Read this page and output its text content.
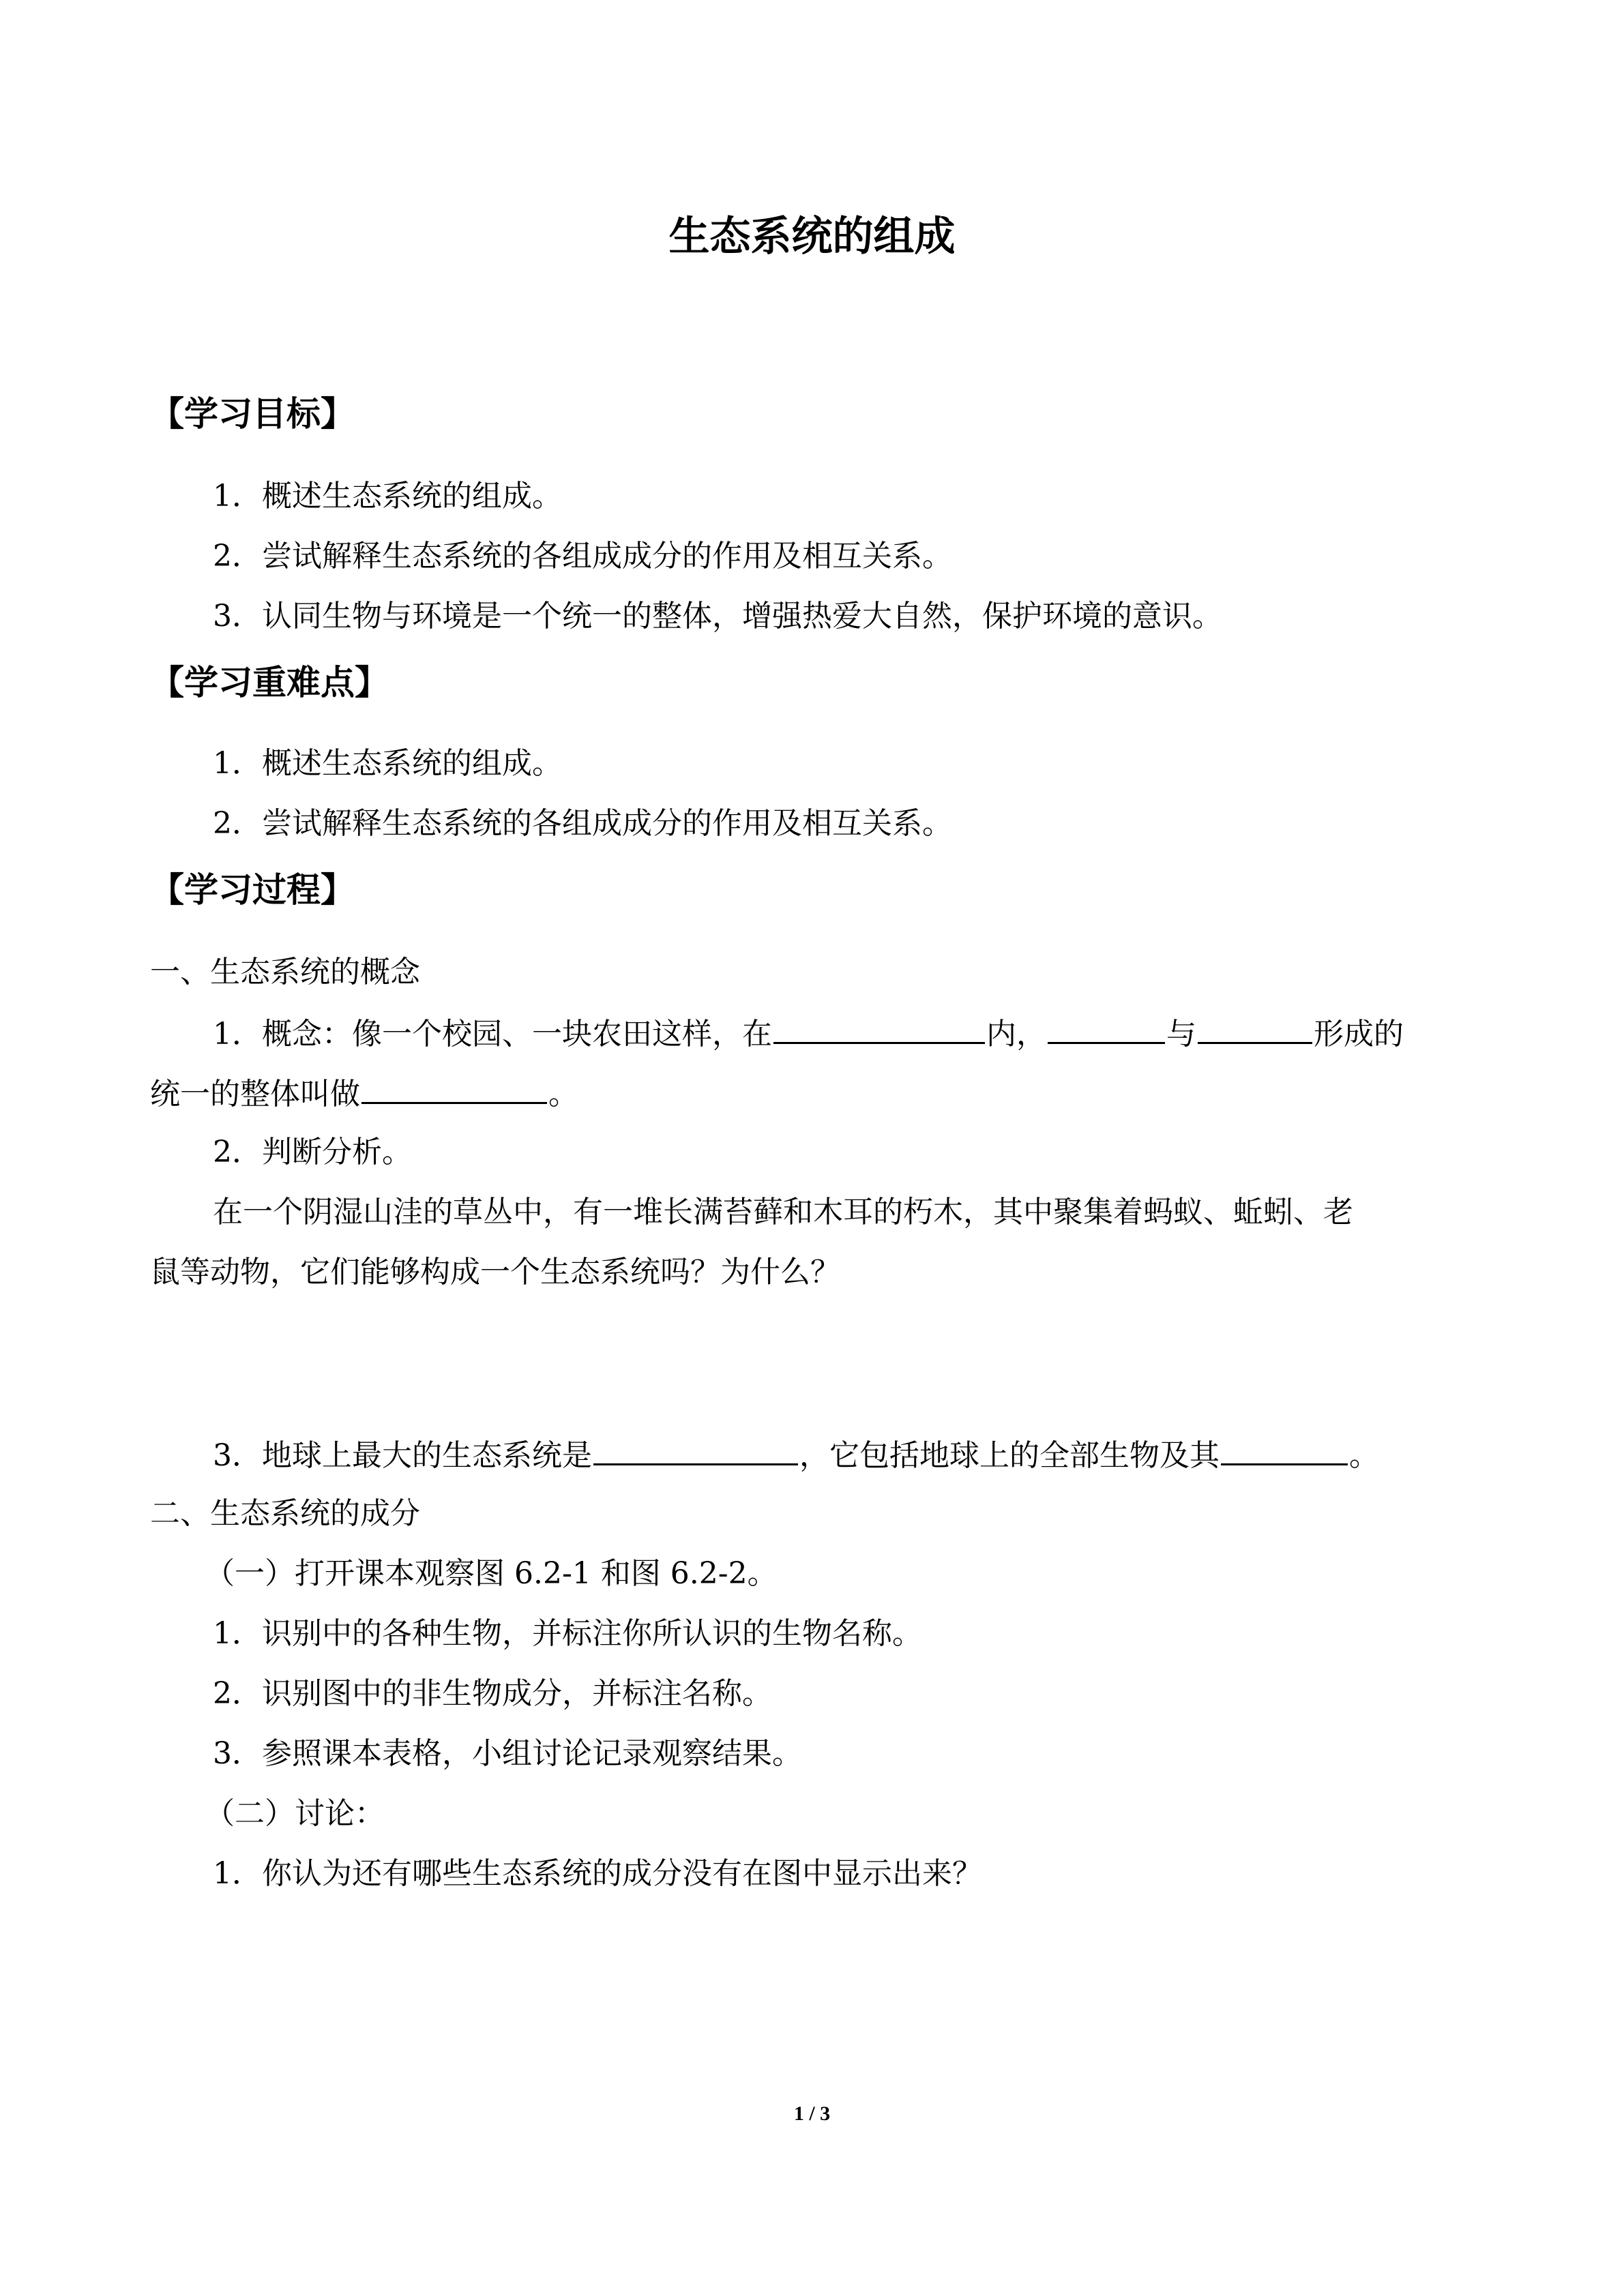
生态系统的组成
【学习目标】

1．概述生态系统的组成。

2．尝试解释生态系统的各组成成分的作用及相互关系。

3．认同生物与环境是一个统一的整体，增强热爱大自然，保护环境的意识。

【学习重难点】

1．概述生态系统的组成。

2．尝试解释生态系统的各组成成分的作用及相互关系。

【学习过程】

一、生态系统的概念

1．概念：像一个校园、一块农田这样，在	内，	与	形成的

统一的整体叫做	。

2．判断分析。

在一个阴湿山洼的草丛中，有一堆长满苔藓和木耳的朽木，其中聚集着蚂蚁、蚯蚓、老

鼠等动物，它们能够构成一个生态系统吗？为什么？

3．地球上最大的生态系统是	，它包括地球上的全部生物及其	。

二、生态系统的成分

（一）打开课本观察图 6.2-1 和图 6.2-2。

1．识别中的各种生物，并标注你所认识的生物名称。

2．识别图中的非生物成分，并标注名称。

3．参照课本表格，小组讨论记录观察结果。

（二）讨论：

1．你认为还有哪些生态系统的成分没有在图中显示出来？

1 / 3
